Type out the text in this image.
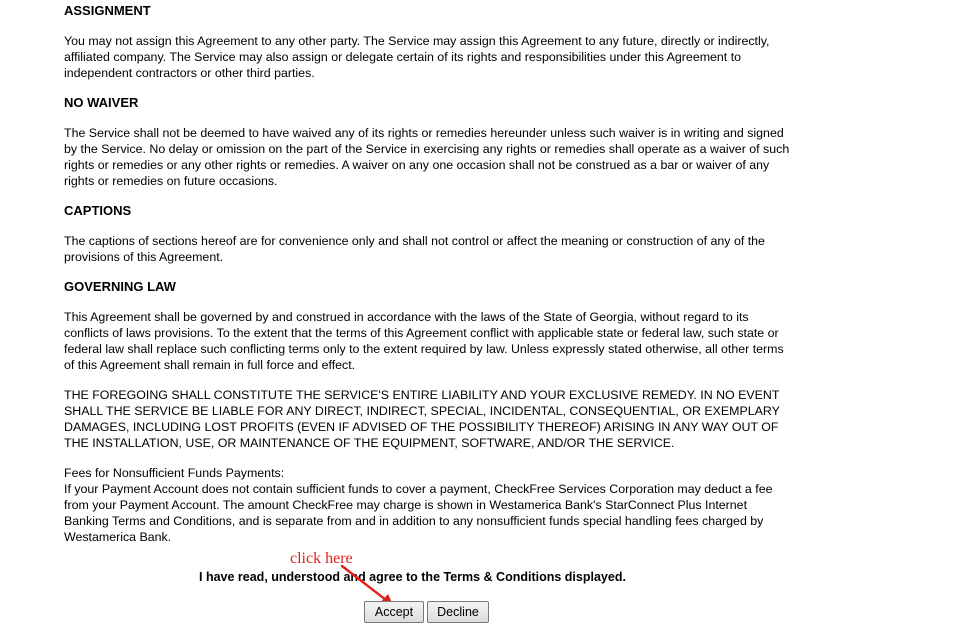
ASSIGNMENT

You may not assign this Agreement to any other party. The Service may assign this Agreement to any future, directly or indirectly, affiliated company. The Service may also assign or delegate certain of its rights and responsibilities under this Agreement to independent contractors or other third parties.

NO WAIVER

The Service shall not be deemed to have waived any of its rights or remedies hereunder unless such waiver is in writing and signed by the Service. No delay or omission on the part of the Service in exercising any rights or remedies shall operate as a waiver of such rights or remedies or any other rights or remedies. A waiver on any one occasion shall not be construed as a bar or waiver of any rights or remedies on future occasions.

CAPTIONS

The captions of sections hereof are for convenience only and shall not control or affect the meaning or construction of any of the provisions of this Agreement.

GOVERNING LAW

This Agreement shall be governed by and construed in accordance with the laws of the State of Georgia, without regard to its conflicts of laws provisions. To the extent that the terms of this Agreement conflict with applicable state or federal law, such state or federal law shall replace such conflicting terms only to the extent required by law. Unless expressly stated otherwise, all other terms of this Agreement shall remain in full force and effect.

THE FOREGOING SHALL CONSTITUTE THE SERVICE'S ENTIRE LIABILITY AND YOUR EXCLUSIVE REMEDY. IN NO EVENT SHALL THE SERVICE BE LIABLE FOR ANY DIRECT, INDIRECT, SPECIAL, INCIDENTAL, CONSEQUENTIAL, OR EXEMPLARY DAMAGES, INCLUDING LOST PROFITS (EVEN IF ADVISED OF THE POSSIBILITY THEREOF) ARISING IN ANY WAY OUT OF THE INSTALLATION, USE, OR MAINTENANCE OF THE EQUIPMENT, SOFTWARE, AND/OR THE SERVICE.

Fees for Nonsufficient Funds Payments:

If your Payment Account does not contain sufficient funds to cover a payment, CheckFree Services Corporation may deduct a fee from your Payment Account. The amount CheckFree may charge is shown in Westamerica Bank's StarConnect Plus Internet Banking Terms and Conditions, and is separate from and in addition to any nonsufficient funds special handling fees charged by Westamerica Bank.

I have read, understood and agree to the Terms & Conditions displayed.
click here
Accept	Decline
